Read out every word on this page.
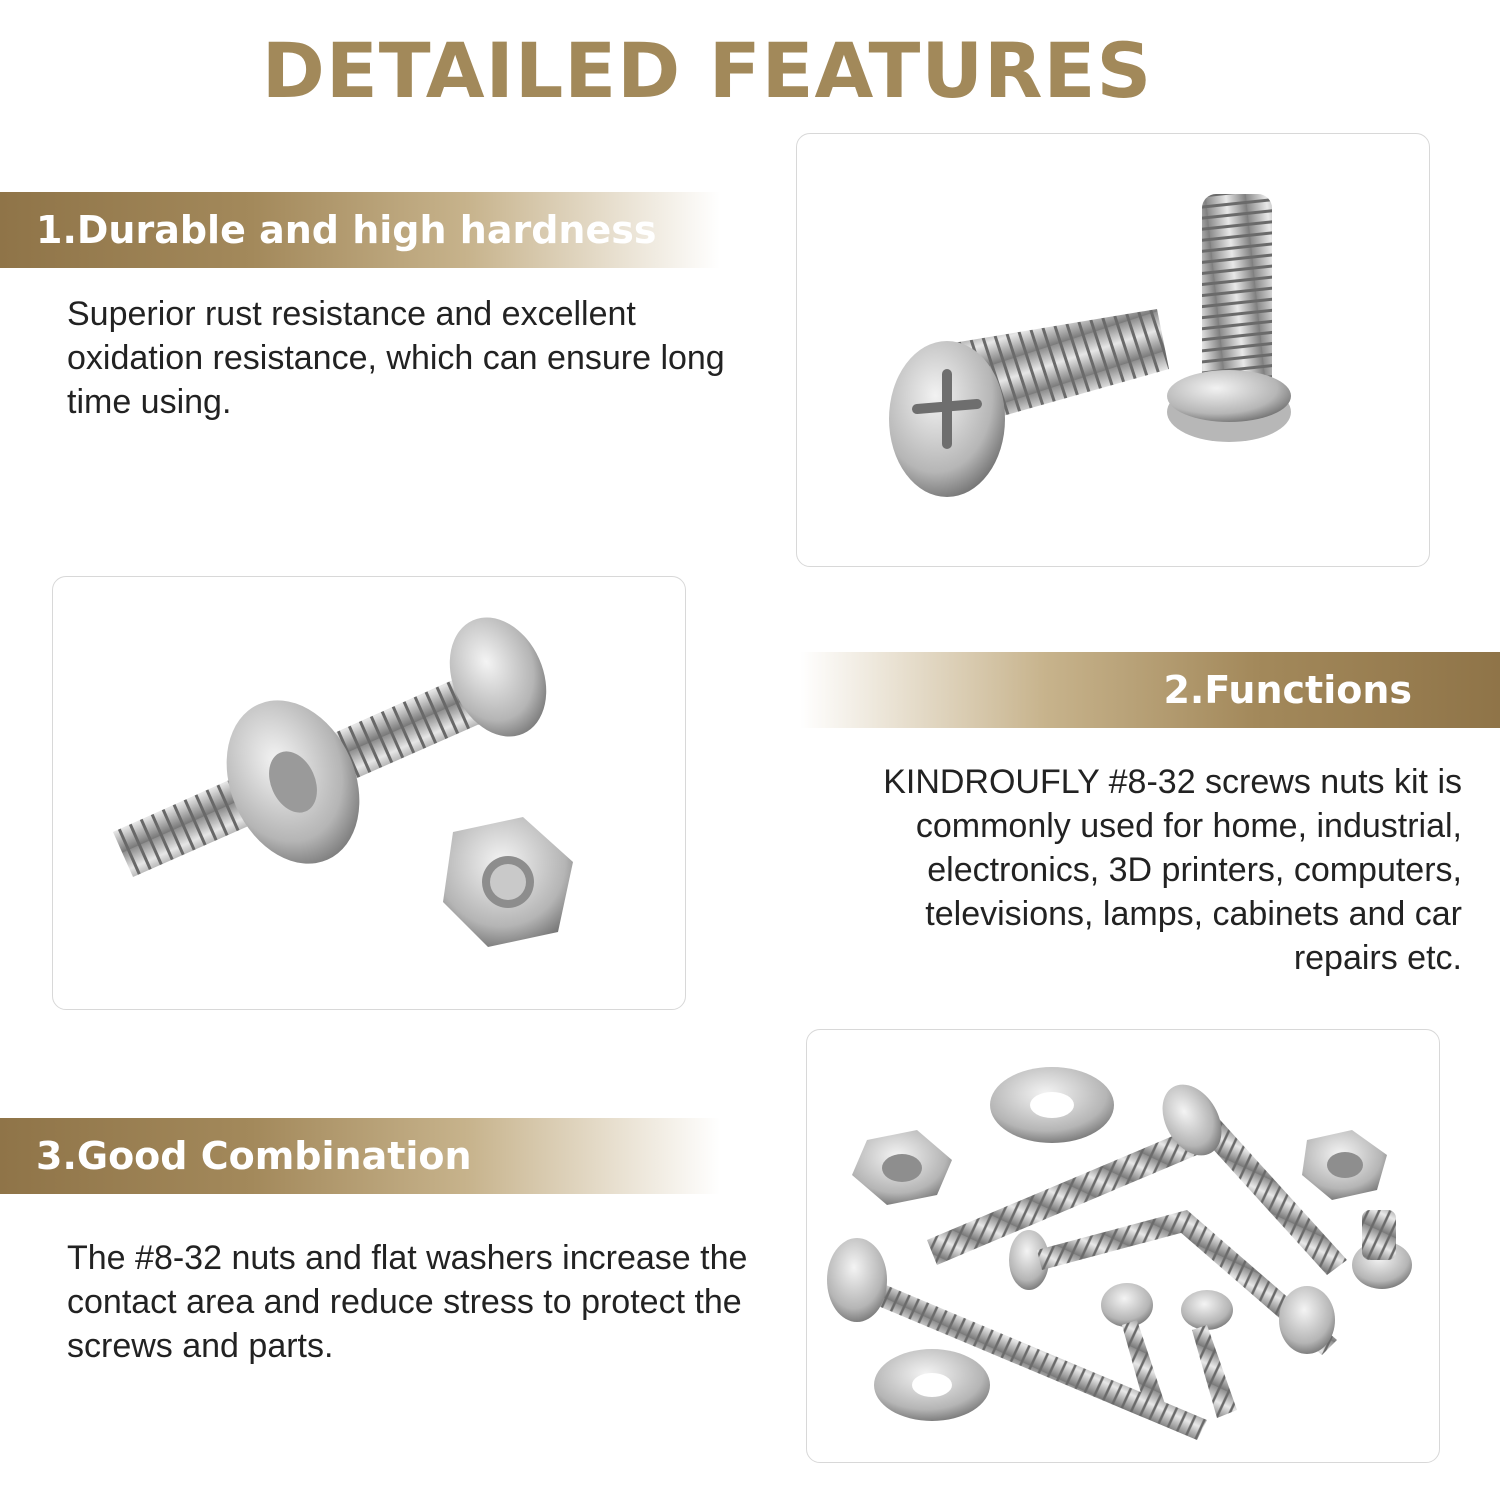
DETAILED FEATURES
1.Durable and high hardness
Superior rust resistance and excellent oxidation resistance, which can ensure long time using.
2.Functions
KINDROUFLY #8-32 screws nuts kit is commonly used for home, industrial, electronics, 3D printers, computers, televisions, lamps, cabinets and car repairs etc.
3.Good Combination
The #8-32 nuts and flat washers increase the contact area and reduce stress to protect the screws and parts.
